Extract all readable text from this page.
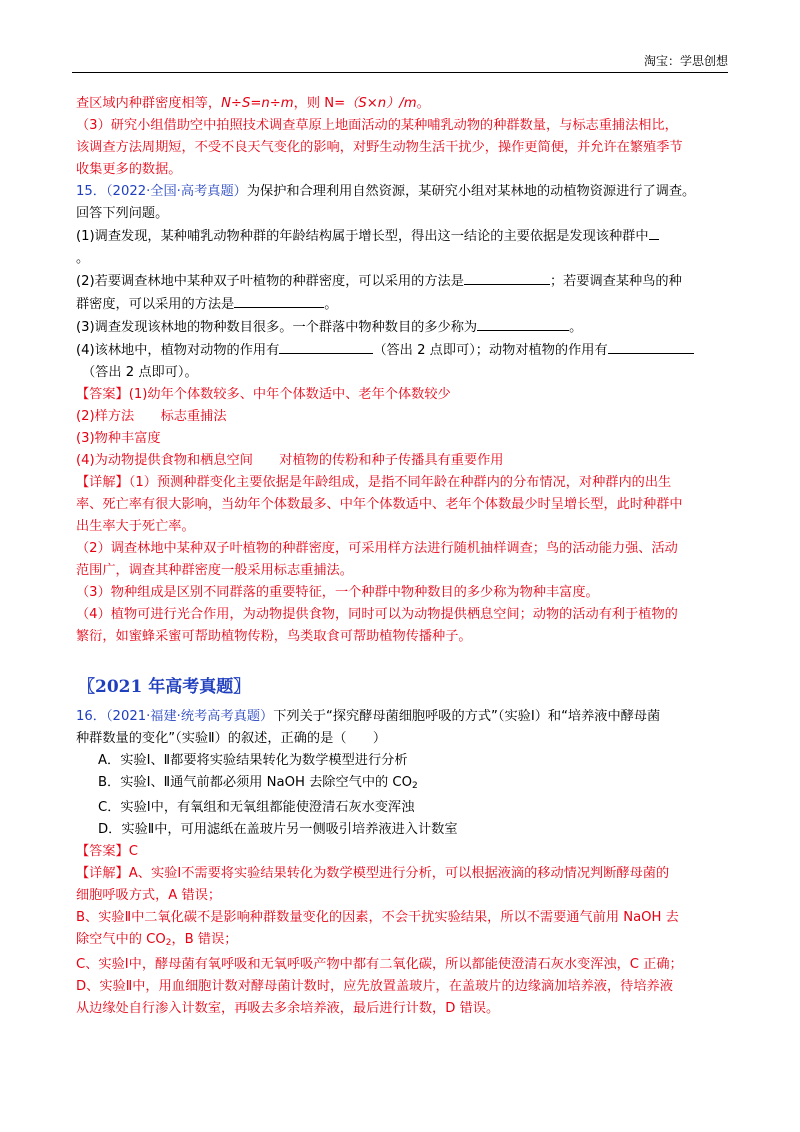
淘宝：学思创想

查区域内种群密度相等，N÷S=n÷m，则 N=（S×n）/m。

（3）研究小组借助空中拍照技术调查草原上地面活动的某种哺乳动物的种群数量，与标志重捕法相比，

该调查方法周期短，不受不良天气变化的影响，对野生动物生活干扰少，操作更简便，并允许在繁殖季节

收集更多的数据。

15．（2022·全国·高考真题）为保护和合理利用自然资源，某研究小组对某林地的动植物资源进行了调查。

回答下列问题。

(1)调查发现，某种哺乳动物种群的年龄结构属于增长型，得出这一结论的主要依据是发现该种群中

。

(2)若要调查林地中某种双子叶植物的种群密度，可以采用的方法是	；若要调查某种鸟的种

群密度，可以采用的方法是	。

(3)调查发现该林地的物种数目很多。一个群落中物种数目的多少称为	。

(4)该林地中，植物对动物的作用有	（答出 2 点即可）；动物对植物的作用有

（答出 2 点即可）。

【答案】(1)幼年个体数较多、中年个体数适中、老年个体数较少

(2)样方法　　标志重捕法

(3)物种丰富度

(4)为动物提供食物和栖息空间　　对植物的传粉和种子传播具有重要作用

【详解】（1）预测种群变化主要依据是年龄组成，是指不同年龄在种群内的分布情况，对种群内的出生

率、死亡率有很大影响，当幼年个体数最多、中年个体数适中、老年个体数最少时呈增长型，此时种群中

出生率大于死亡率。

（2）调查林地中某种双子叶植物的种群密度，可采用样方法进行随机抽样调查；鸟的活动能力强、活动

范围广，调查其种群密度一般采用标志重捕法。

（3）物种组成是区别不同群落的重要特征，一个种群中物种数目的多少称为物种丰富度。

（4）植物可进行光合作用，为动物提供食物，同时可以为动物提供栖息空间；动物的活动有利于植物的

繁衍，如蜜蜂采蜜可帮助植物传粉，鸟类取食可帮助植物传播种子。

〖2021 年高考真题〗

16．（2021·福建·统考高考真题）下列关于“探究酵母菌细胞呼吸的方式”（实验Ⅰ）和“培养液中酵母菌

种群数量的变化”（实验Ⅱ）的叙述，正确的是（　　）

A．实验Ⅰ、Ⅱ都要将实验结果转化为数学模型进行分析

B．实验Ⅰ、Ⅱ通气前都必须用 NaOH 去除空气中的 $CO_2$

C．实验Ⅰ中，有氧组和无氧组都能使澄清石灰水变浑浊

D．实验Ⅱ中，可用滤纸在盖玻片另一侧吸引培养液进入计数室

【答案】C

【详解】A、实验Ⅰ不需要将实验结果转化为数学模型进行分析，可以根据液滴的移动情况判断酵母菌的

细胞呼吸方式，A 错误；

B、实验Ⅱ中二氧化碳不是影响种群数量变化的因素，不会干扰实验结果，所以不需要通气前用 NaOH 去

除空气中的 $CO_2$，B 错误；

C、实验Ⅰ中，酵母菌有氧呼吸和无氧呼吸产物中都有二氧化碳，所以都能使澄清石灰水变浑浊，C 正确；

D、实验Ⅱ中，用血细胞计数对酵母菌计数时，应先放置盖玻片，在盖玻片的边缘滴加培养液，待培养液

从边缘处自行渗入计数室，再吸去多余培养液，最后进行计数，D 错误。
